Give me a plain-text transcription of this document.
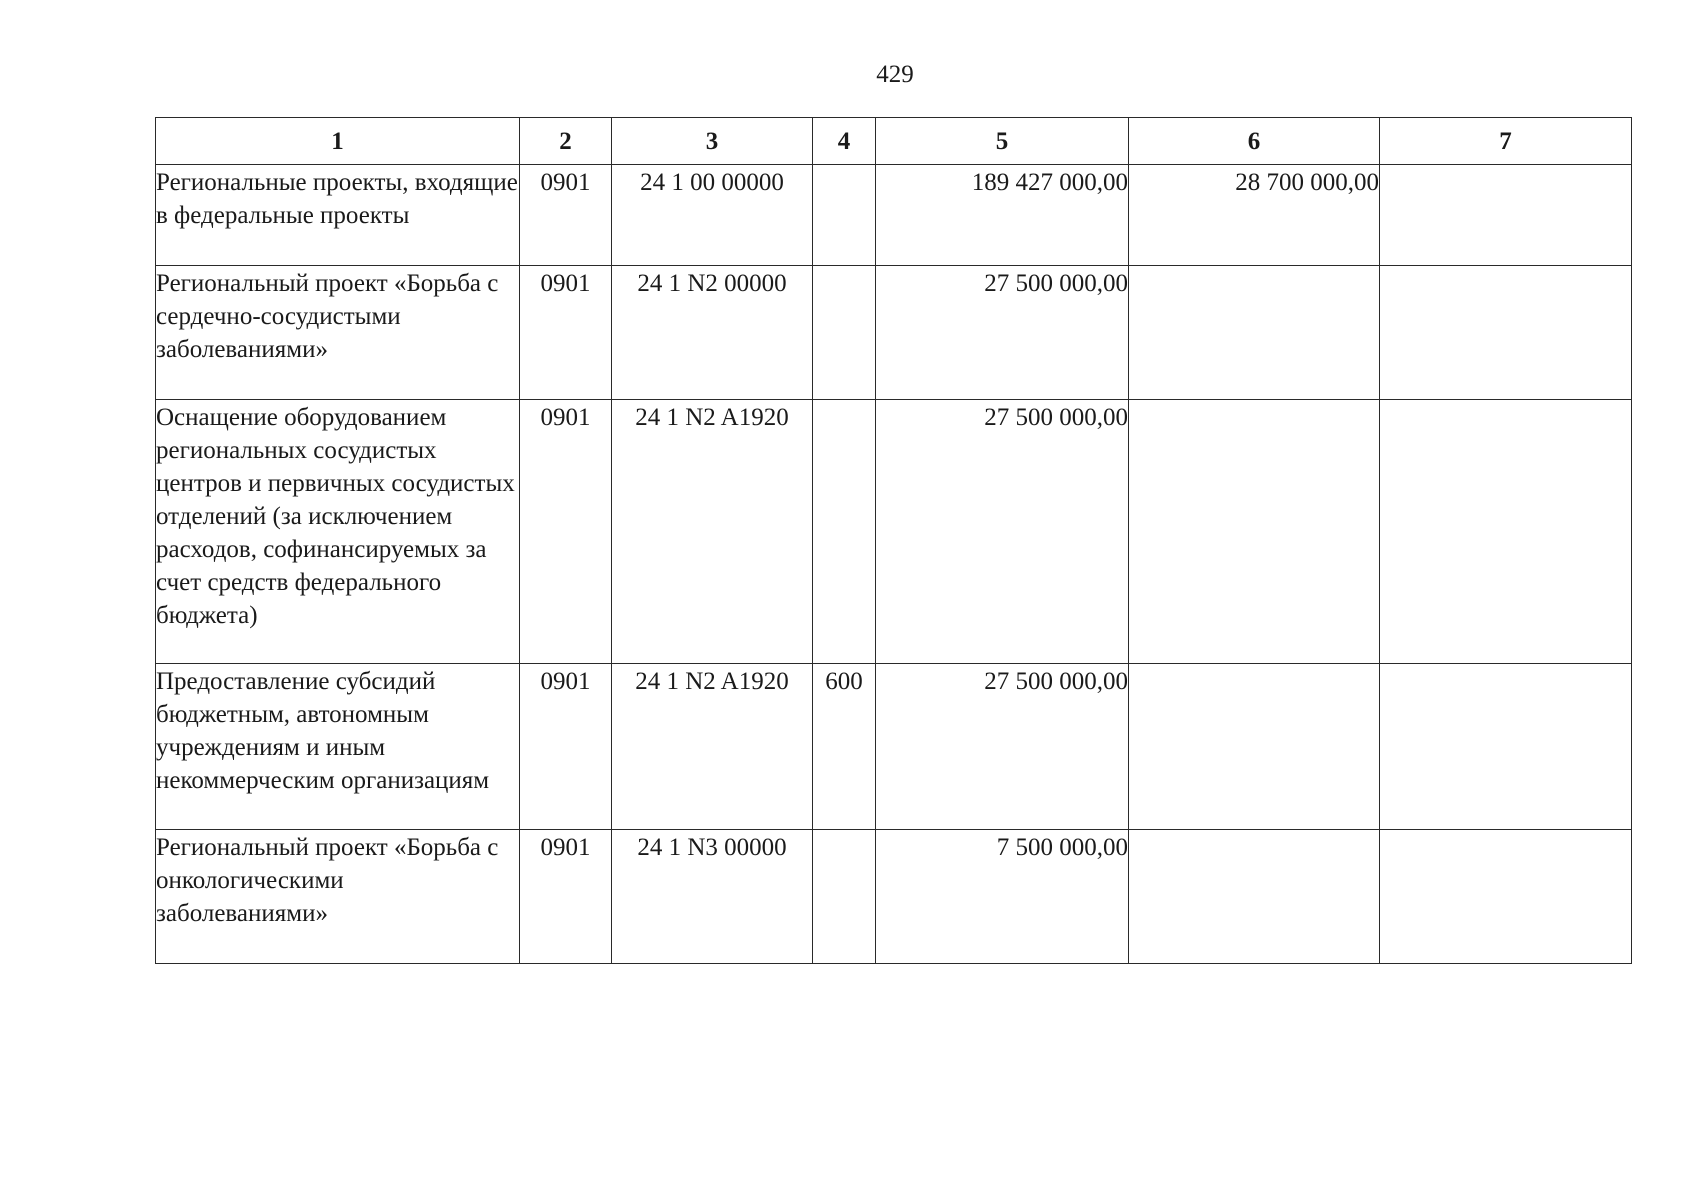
429
1	2	3	4	5	6	7
Региональные проекты, входящие в федеральные проекты	0901	24 1 00 00000		189 427 000,00	28 700 000,00	
Региональный проект «Борьба с сердечно-сосудистыми заболеваниями»	0901	24 1 N2 00000		27 500 000,00		
Оснащение оборудованием региональных сосудистых центров и первичных сосудистых отделений (за исключением расходов, софинансируемых за счет средств федерального бюджета)	0901	24 1 N2 A1920		27 500 000,00		
Предоставление субсидий бюджетным, автономным учреждениям и иным некоммерческим организациям	0901	24 1 N2 A1920	600	27 500 000,00		
Региональный проект «Борьба с онкологическими заболеваниями»	0901	24 1 N3 00000		7 500 000,00		
